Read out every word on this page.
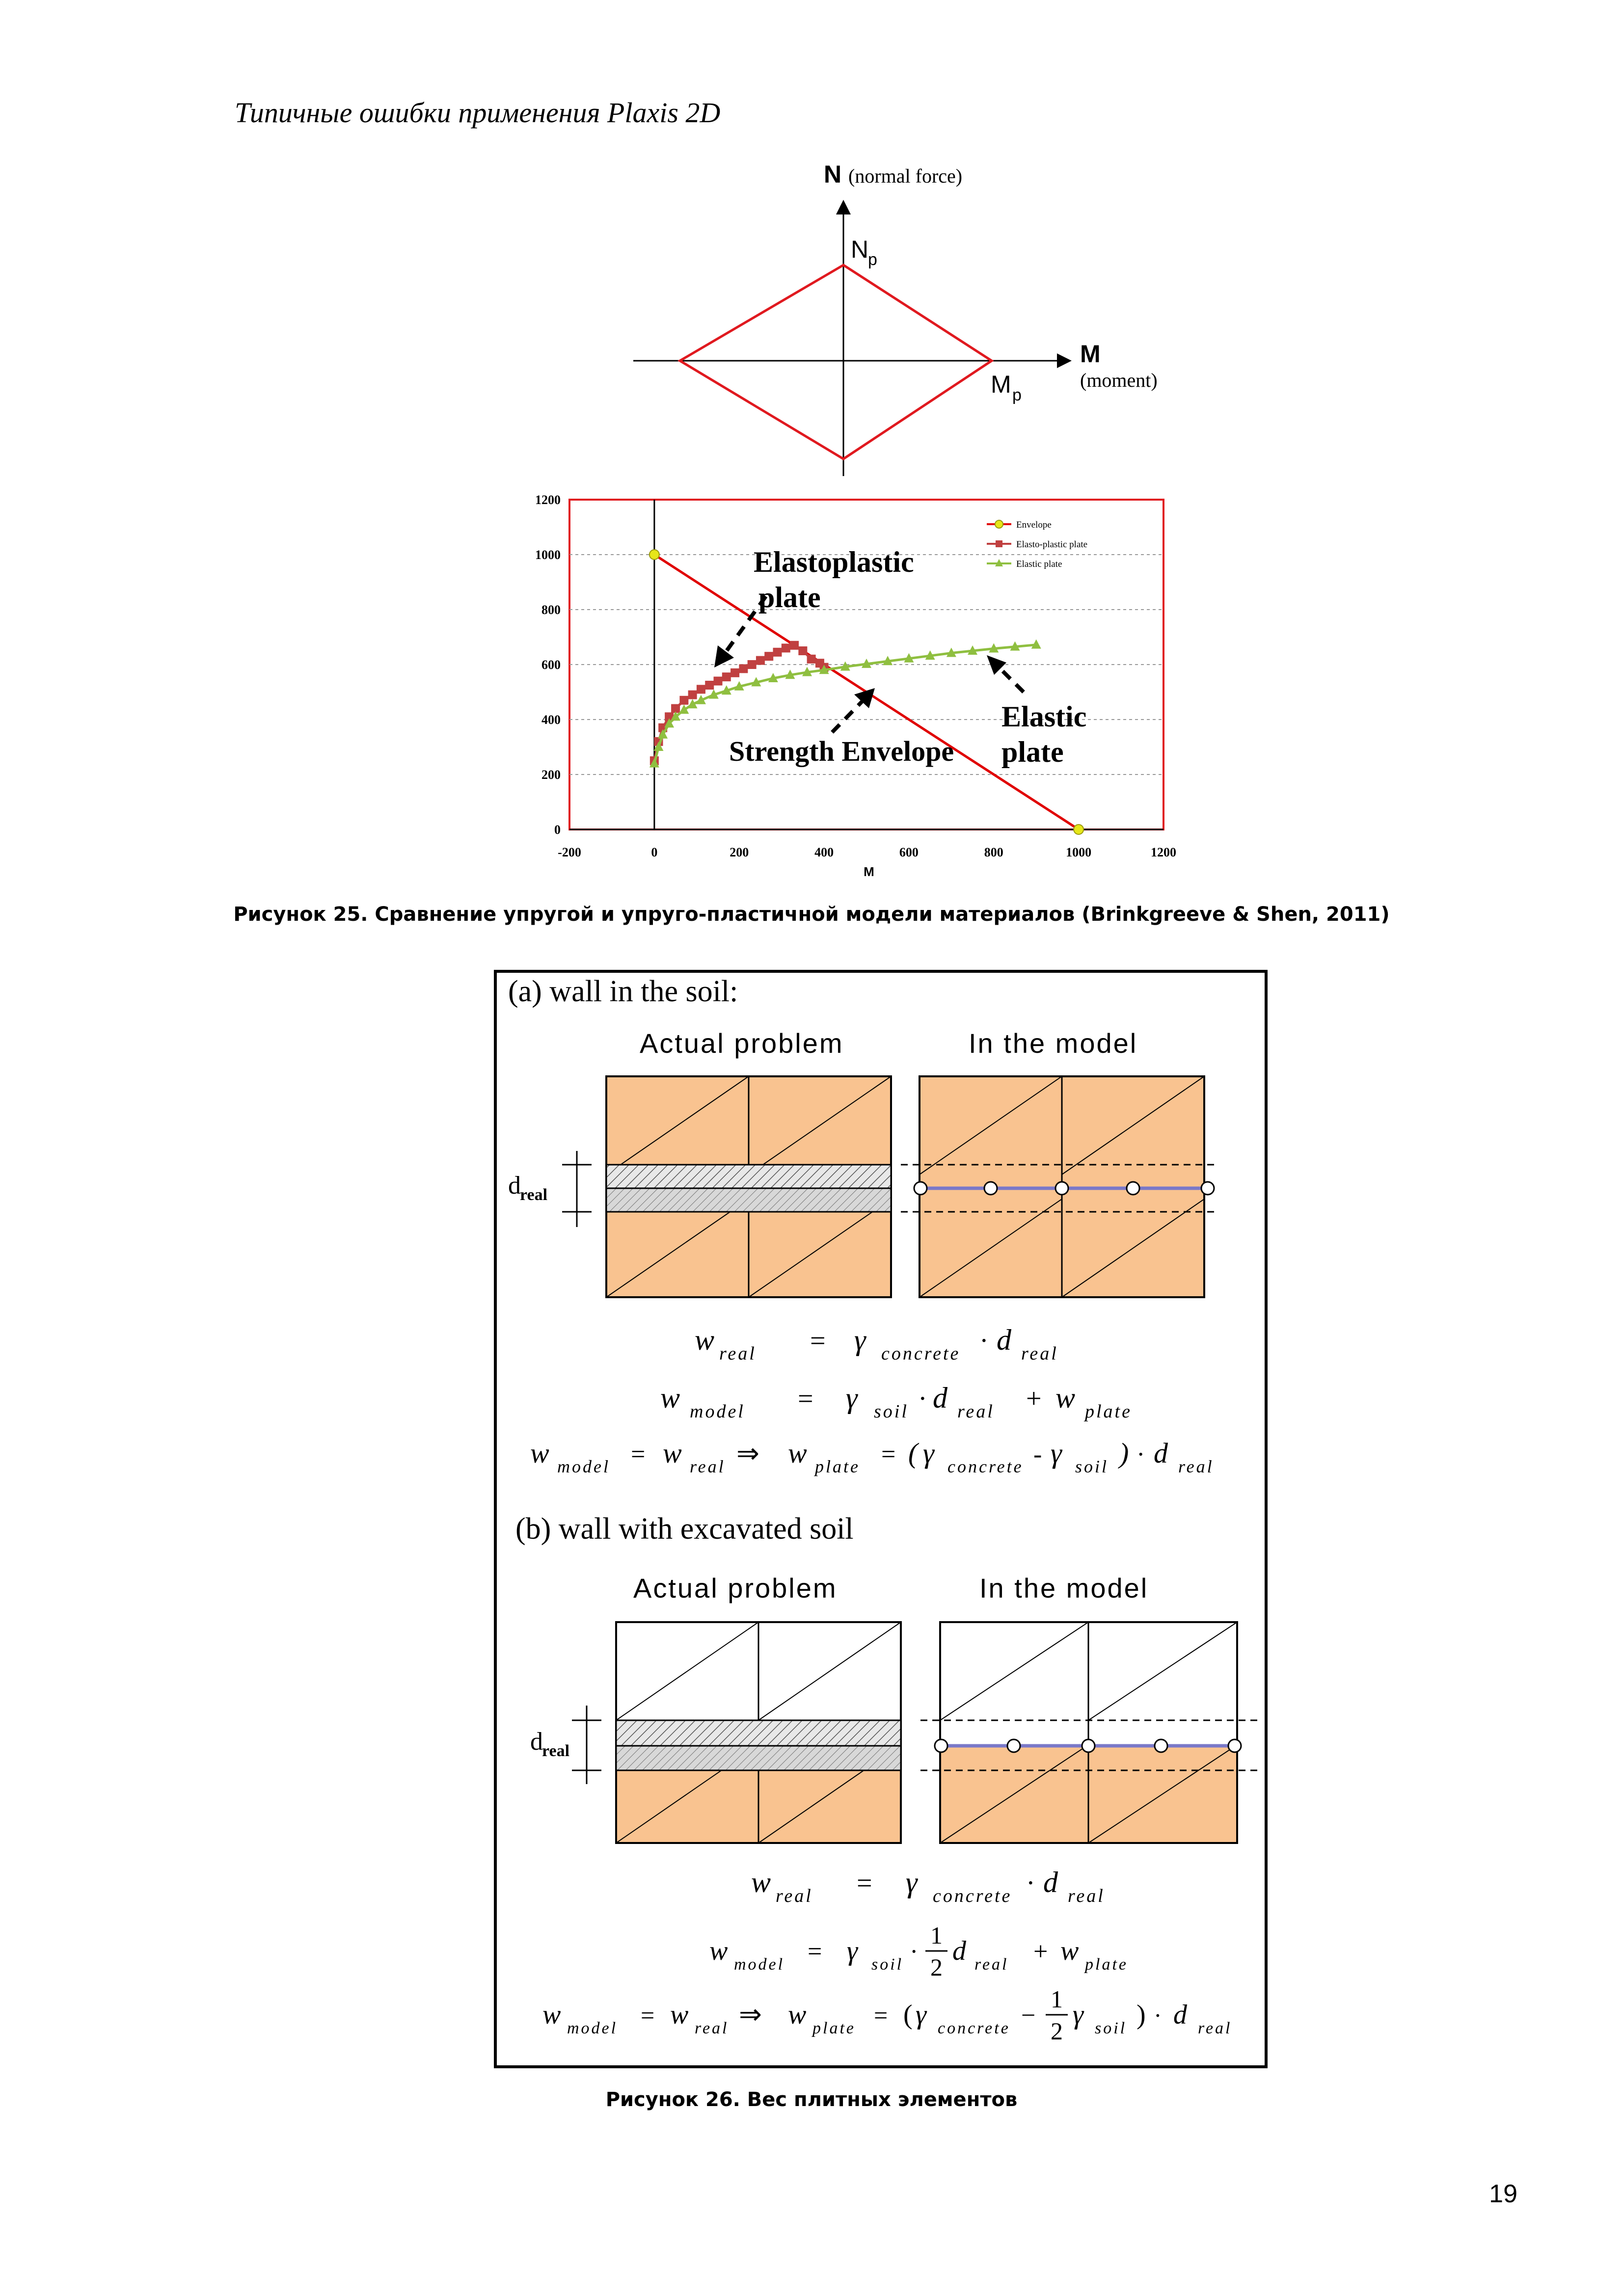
Типичные ошибки применения Plaxis 2D
N (normal force)
N
p
M
(moment)
M p
0
200
400
600
800
1000
1200
-200	0	200	400	600	800	1000	1200
Envelope
Elasto-plastic plate
Elastic plate
M
Elastoplastic plate
Strength Envelope
Elastic plate
Рисунок 25. Сравнение упругой и упруго-пластичной модели материалов (Brinkgreeve & Shen, 2011)
(a) wall in the soil:
Actual problem	In the model
d
real
w real = γ concrete · d real
w model = γ soil · d real + w plate
w model = w real ⇒ w plate = ( γ concrete - γ soil ) · d real
(b) wall with excavated soil
Actual problem	In the model
d
real
w real = γ concrete · d real
w model = γ soil ·
1
2
d real + w plate
w model = w real ⇒ w plate = ( γ concrete −
1
2
γ soil ) · d real
Рисунок 26. Вес плитных элементов
19
